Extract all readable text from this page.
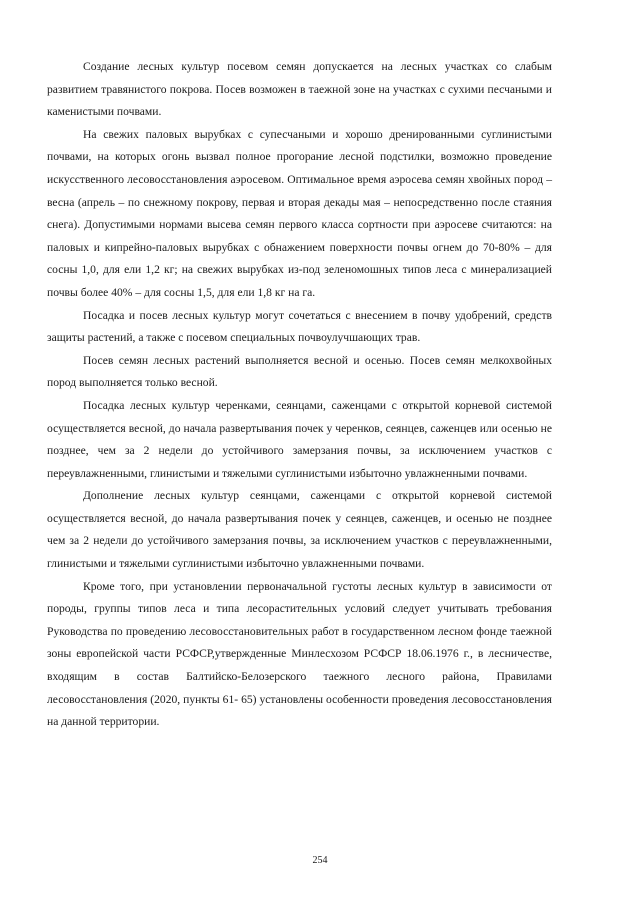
Создание лесных культур посевом семян допускается на лесных участках со слабым развитием травянистого покрова. Посев возможен в таежной зоне на участках с сухими песчаными и каменистыми почвами.

На свежих паловых вырубках с супесчаными и хорошо дренированными суглинистыми почвами, на которых огонь вызвал полное прогорание лесной подстилки, возможно проведение искусственного лесовосстановления аэросевом. Оптимальное время аэросева семян хвойных пород – весна (апрель – по снежному покрову, первая и вторая декады мая – непосредственно после стаяния снега). Допустимыми нормами высева семян первого класса сортности при аэросеве считаются: на паловых и кипрейно-паловых вырубках с обнажением поверхности почвы огнем до 70-80% – для сосны 1,0, для ели 1,2 кг; на свежих вырубках из-под зеленомошных типов леса с минерализацией почвы более 40% – для сосны 1,5, для ели 1,8 кг на га.

Посадка и посев лесных культур могут сочетаться с внесением в почву удобрений, средств защиты растений, а также с посевом специальных почвоулучшающих трав.

Посев семян лесных растений выполняется весной и осенью. Посев семян мелкохвойных пород выполняется только весной.

Посадка лесных культур черенками, сеянцами, саженцами с открытой корневой системой осуществляется весной, до начала развертывания почек у черенков, сеянцев, саженцев или осенью не позднее, чем за 2 недели до устойчивого замерзания почвы, за исключением участков с переувлажненными, глинистыми и тяжелыми суглинистыми избыточно увлажненными почвами.

Дополнение лесных культур сеянцами, саженцами с открытой корневой системой осуществляется весной, до начала развертывания почек у сеянцев, саженцев, и осенью не позднее чем за 2 недели до устойчивого замерзания почвы, за исключением участков с переувлажненными, глинистыми и тяжелыми суглинистыми избыточно увлажненными почвами.

Кроме того, при установлении первоначальной густоты лесных культур в зависимости от породы, группы типов леса и типа лесорастительных условий следует учитывать требования Руководства по проведению лесовосстановительных работ в государственном лесном фонде таежной зоны европейской части РСФСР,утвержденные Минлесхозом РСФСР 18.06.1976 г., в лесничестве, входящим в состав Балтийско-Белозерского таежного лесного района, Правилами лесовосстановления (2020, пункты 61- 65) установлены особенности проведения лесовосстановления на данной территории.

254
